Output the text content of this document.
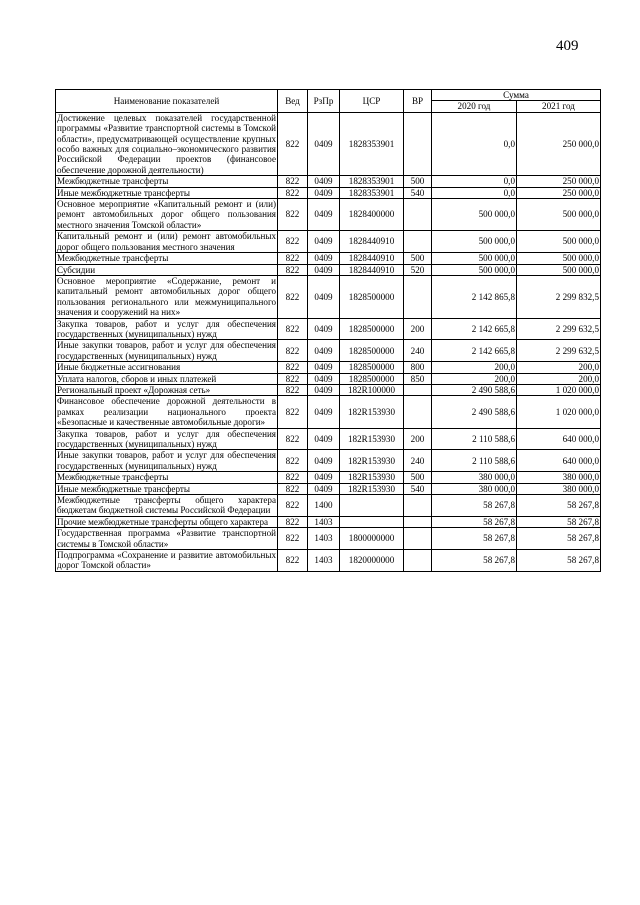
409
Наименование показателей	Вед	РзПр	ЦСР	ВР	Сумма	
					2020 год	2021 год
Достижение целевых показателей государственной программы «Развитие транспортной системы в Томской области», предусматривающей осуществление крупных особо важных для социально–экономического развития Российской Федерации проектов (финансовое обеспечение дорожной деятельности)	822	0409	1828353901		0,0	250 000,0
Межбюджетные трансферты	822	0409	1828353901	500	0,0	250 000,0
Иные межбюджетные трансферты	822	0409	1828353901	540	0,0	250 000,0
Основное мероприятие «Капитальный ремонт и (или) ремонт автомобильных дорог общего пользования местного значения Томской области»	822	0409	1828400000		500 000,0	500 000,0
Капитальный ремонт и (или) ремонт автомобильных дорог общего пользования местного значения	822	0409	1828440910		500 000,0	500 000,0
Межбюджетные трансферты	822	0409	1828440910	500	500 000,0	500 000,0
Субсидии	822	0409	1828440910	520	500 000,0	500 000,0
Основное мероприятие «Содержание, ремонт и капитальный ремонт автомобильных дорог общего пользования регионального или межмуниципального значения и сооружений на них»	822	0409	1828500000		2 142 865,8	2 299 832,5
Закупка товаров, работ и услуг для обеспечения государственных (муниципальных) нужд	822	0409	1828500000	200	2 142 665,8	2 299 632,5
Иные закупки товаров, работ и услуг для обеспечения государственных (муниципальных) нужд	822	0409	1828500000	240	2 142 665,8	2 299 632,5
Иные бюджетные ассигнования	822	0409	1828500000	800	200,0	200,0
Уплата налогов, сборов и иных платежей	822	0409	1828500000	850	200,0	200,0
Региональный проект «Дорожная сеть»	822	0409	182R100000		2 490 588,6	1 020 000,0
Финансовое обеспечение дорожной деятельности в рамках реализации национального проекта «Безопасные и качественные автомобильные дороги»	822	0409	182R153930		2 490 588,6	1 020 000,0
Закупка товаров, работ и услуг для обеспечения государственных (муниципальных) нужд	822	0409	182R153930	200	2 110 588,6	640 000,0
Иные закупки товаров, работ и услуг для обеспечения государственных (муниципальных) нужд	822	0409	182R153930	240	2 110 588,6	640 000,0
Межбюджетные трансферты	822	0409	182R153930	500	380 000,0	380 000,0
Иные межбюджетные трансферты	822	0409	182R153930	540	380 000,0	380 000,0
Межбюджетные трансферты общего характера бюджетам бюджетной системы Российской Федерации	822	1400			58 267,8	58 267,8
Прочие межбюджетные трансферты общего характера	822	1403			58 267,8	58 267,8
Государственная программа «Развитие транспортной системы в Томской области»	822	1403	1800000000		58 267,8	58 267,8
Подпрограмма «Сохранение и развитие автомобильных дорог Томской области»	822	1403	1820000000		58 267,8	58 267,8
